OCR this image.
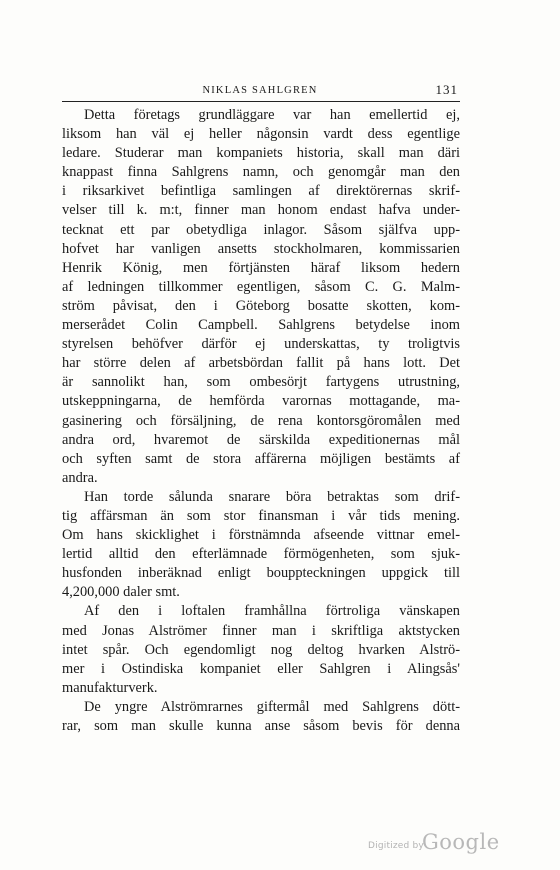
NIKLAS SAHLGREN	131
Detta företags grundläggare var han emellertid ej,
liksom han väl ej heller någonsin vardt dess egentlige
ledare. Studerar man kompaniets historia, skall man däri
knappast finna Sahlgrens namn, och genomgår man den
i riksarkivet befintliga samlingen af direktörernas skrif-
velser till k. m:t, finner man honom endast hafva under-
tecknat ett par obetydliga inlagor. Såsom själfva upp-
hofvet har vanligen ansetts stockholmaren, kommissarien
Henrik König, men förtjänsten häraf liksom hedern
af ledningen tillkommer egentligen, såsom C. G. Malm-
ström påvisat, den i Göteborg bosatte skotten, kom-
merserådet Colin Campbell. Sahlgrens betydelse inom
styrelsen behöfver därför ej underskattas, ty troligtvis
har större delen af arbetsbördan fallit på hans lott. Det
är sannolikt han, som ombesörjt fartygens utrustning,
utskeppningarna, de hemförda varornas mottagande, ma-
gasinering och försäljning, de rena kontorsgöromålen med
andra ord, hvaremot de särskilda expeditionernas mål
och syften samt de stora affärerna möjligen bestämts af
andra.
Han torde sålunda snarare böra betraktas som drif-
tig affärsman än som stor finansman i vår tids mening.
Om hans skicklighet i förstnämnda afseende vittnar emel-
lertid alltid den efterlämnade förmögenheten, som sjuk-
husfonden inberäknad enligt bouppteckningen uppgick till
4,200,000 daler smt.
Af den i loftalen framhållna förtroliga vänskapen
med Jonas Alströmer finner man i skriftliga aktstycken
intet spår. Och egendomligt nog deltog hvarken Alströ-
mer i Ostindiska kompaniet eller Sahlgren i Alingsås'
manufakturverk.
De yngre Alströmrarnes giftermål med Sahlgrens dött-
rar, som man skulle kunna anse såsom bevis för denna
Digitized by
Google
